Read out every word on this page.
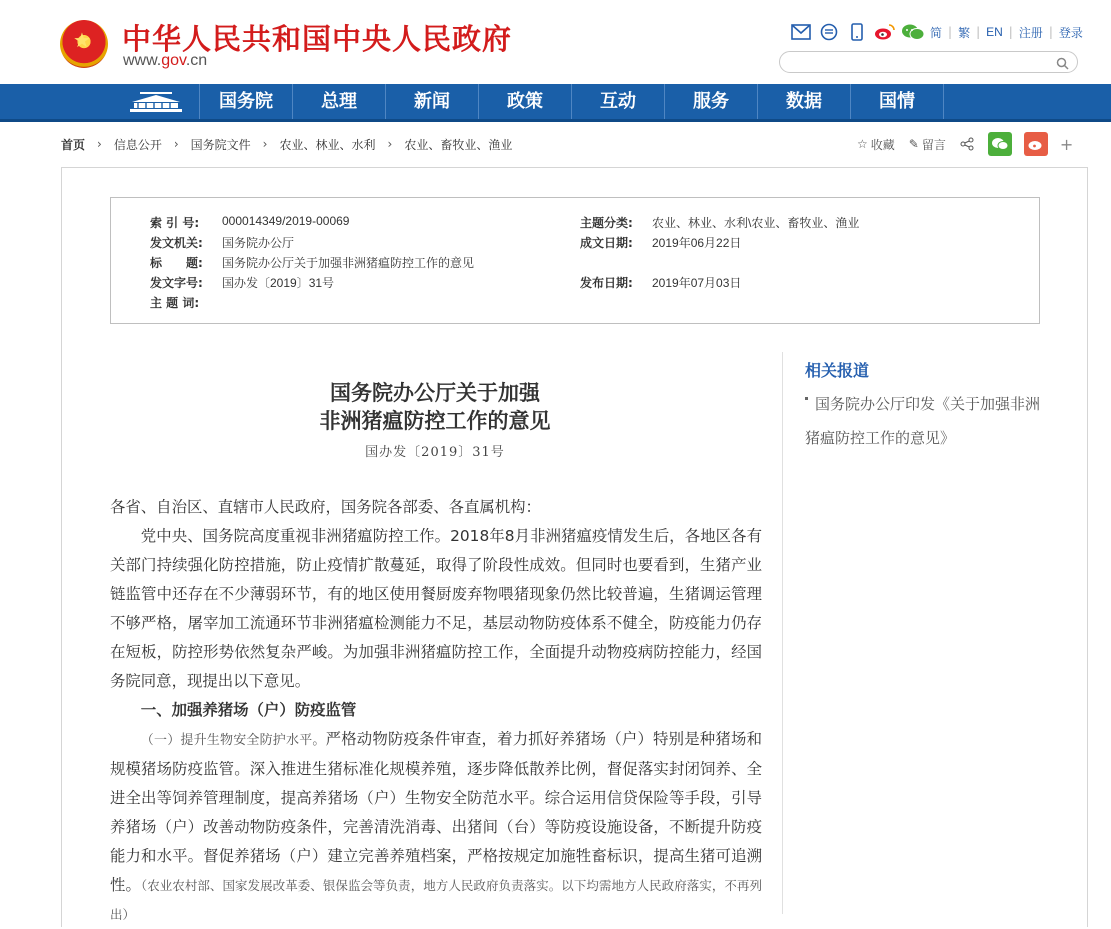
★ 中华人民共和国中央人民政府
www.gov.cn
简 | 繁 | EN | 注册 | 登录
国务院	总理	新闻	政策	互动	服务	数据	国情
首页 › 信息公开 › 国务院文件 › 农业、林业、水利 › 农业、畜牧业、渔业	☆ 收藏 ✎ 留言	+
索 引 号:	000014349/2019-00069	主题分类:	农业、林业、水利\农业、畜牧业、渔业
发文机关:	国务院办公厅	成文日期:	2019年06月22日
标　　题:	国务院办公厅关于加强非洲猪瘟防控工作的意见
发文字号:	国办发〔2019〕31号	发布日期:	2019年07月03日
主 题 词:
国务院办公厅关于加强
非洲猪瘟防控工作的意见
国办发〔2019〕31号

各省、自治区、直辖市人民政府，国务院各部委、各直属机构：

党中央、国务院高度重视非洲猪瘟防控工作。2018年8月非洲猪瘟疫情发生后，各地区各有关部门持续强化防控措施，防止疫情扩散蔓延，取得了阶段性成效。但同时也要看到，生猪产业链监管中还存在不少薄弱环节，有的地区使用餐厨废弃物喂猪现象仍然比较普遍，生猪调运管理不够严格，屠宰加工流通环节非洲猪瘟检测能力不足，基层动物防疫体系不健全，防疫能力仍存在短板，防控形势依然复杂严峻。为加强非洲猪瘟防控工作，全面提升动物疫病防控能力，经国务院同意，现提出以下意见。

一、加强养猪场（户）防疫监管

（一）提升生物安全防护水平。严格动物防疫条件审查，着力抓好养猪场（户）特别是种猪场和规模猪场防疫监管。深入推进生猪标准化规模养殖，逐步降低散养比例，督促落实封闭饲养、全进全出等饲养管理制度，提高养猪场（户）生物安全防范水平。综合运用信贷保险等手段，引导养猪场（户）改善动物防疫条件，完善清洗消毒、出猪间（台）等防疫设施设备，不断提升防疫能力和水平。督促养猪场（户）建立完善养殖档案，严格按规定加施牲畜标识，提高生猪可追溯性。（农业农村部、国家发展改革委、银保监会等负责，地方人民政府负责落实。以下均需地方人民政府落实，不再列出）

相关报道
国务院办公厅印发《关于加强非洲猪瘟防控工作的意见》
